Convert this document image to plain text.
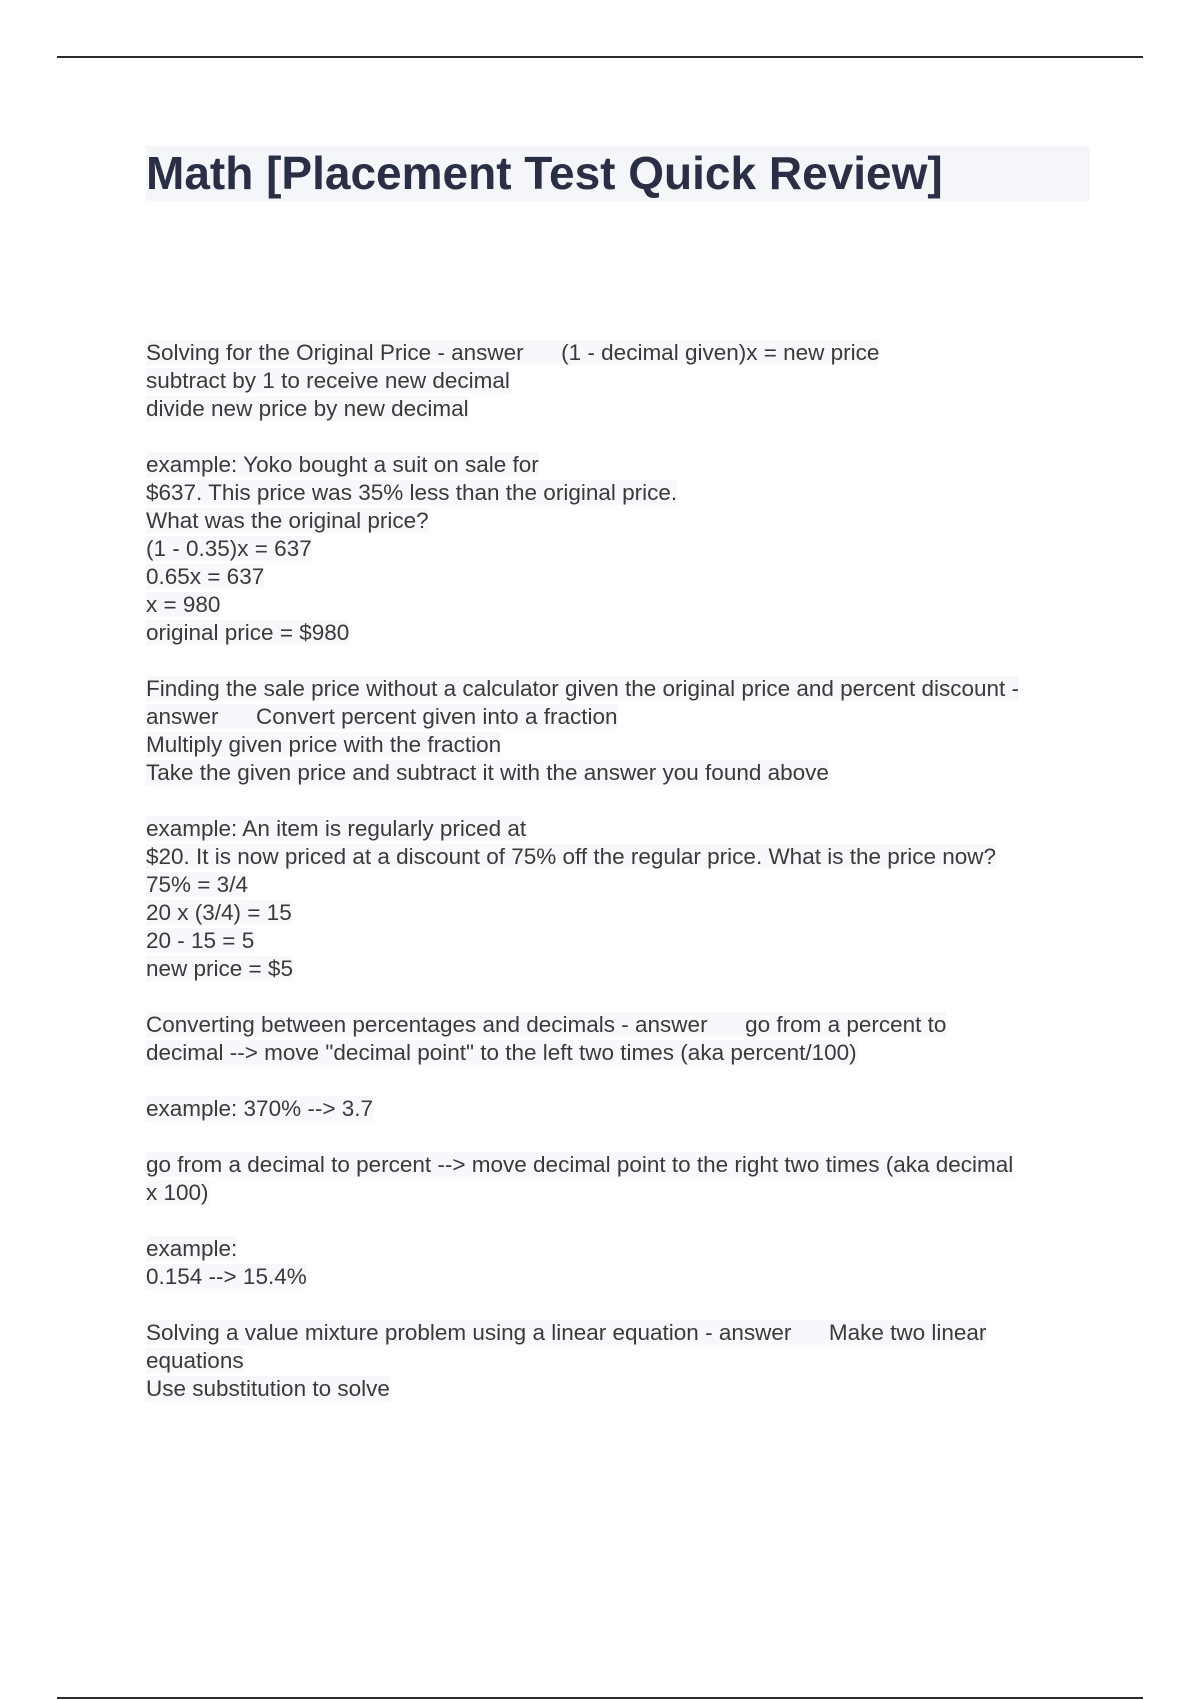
Math [Placement Test Quick Review]
Solving for the Original Price - answer      (1 - decimal given)x = new price
subtract by 1 to receive new decimal
divide new price by new decimal
example: Yoko bought a suit on sale for
$637. This price was 35% less than the original price.
What was the original price?
(1 - 0.35)x = 637
0.65x = 637
x = 980
original price = $980
Finding the sale price without a calculator given the original price and percent discount -
answer      Convert percent given into a fraction
Multiply given price with the fraction
Take the given price and subtract it with the answer you found above
example: An item is regularly priced at
$20. It is now priced at a discount of 75% off the regular price. What is the price now?
75% = 3/4
20 x (3/4) = 15
20 - 15 = 5
new price = $5
Converting between percentages and decimals - answer      go from a percent to
decimal --> move "decimal point" to the left two times (aka percent/100)
example: 370% --> 3.7
go from a decimal to percent --> move decimal point to the right two times (aka decimal
x 100)
example:
0.154 --> 15.4%
Solving a value mixture problem using a linear equation - answer      Make two linear
equations
Use substitution to solve
